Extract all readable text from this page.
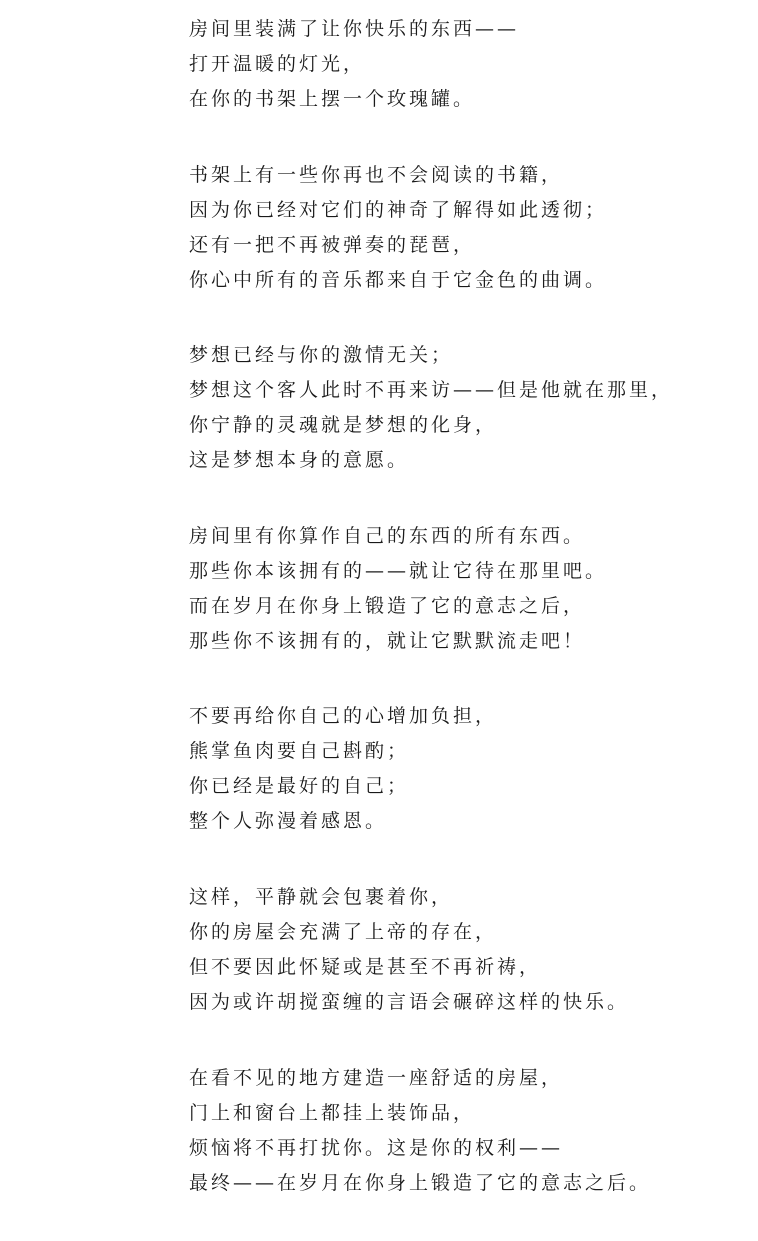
房间里装满了让你快乐的东西——
打开温暖的灯光，
在你的书架上摆一个玫瑰罐。
书架上有一些你再也不会阅读的书籍，
因为你已经对它们的神奇了解得如此透彻；
还有一把不再被弹奏的琵琶，
你心中所有的音乐都来自于它金色的曲调。
梦想已经与你的激情无关；
梦想这个客人此时不再来访——但是他就在那里，
你宁静的灵魂就是梦想的化身，
这是梦想本身的意愿。
房间里有你算作自己的东西的所有东西。
那些你本该拥有的——就让它待在那里吧。
而在岁月在你身上锻造了它的意志之后，
那些你不该拥有的，就让它默默流走吧！
不要再给你自己的心增加负担，
熊掌鱼肉要自己斟酌；
你已经是最好的自己；
整个人弥漫着感恩。
这样，平静就会包裹着你，
你的房屋会充满了上帝的存在，
但不要因此怀疑或是甚至不再祈祷，
因为或许胡搅蛮缠的言语会碾碎这样的快乐。
在看不见的地方建造一座舒适的房屋，
门上和窗台上都挂上装饰品，
烦恼将不再打扰你。这是你的权利——
最终——在岁月在你身上锻造了它的意志之后。
